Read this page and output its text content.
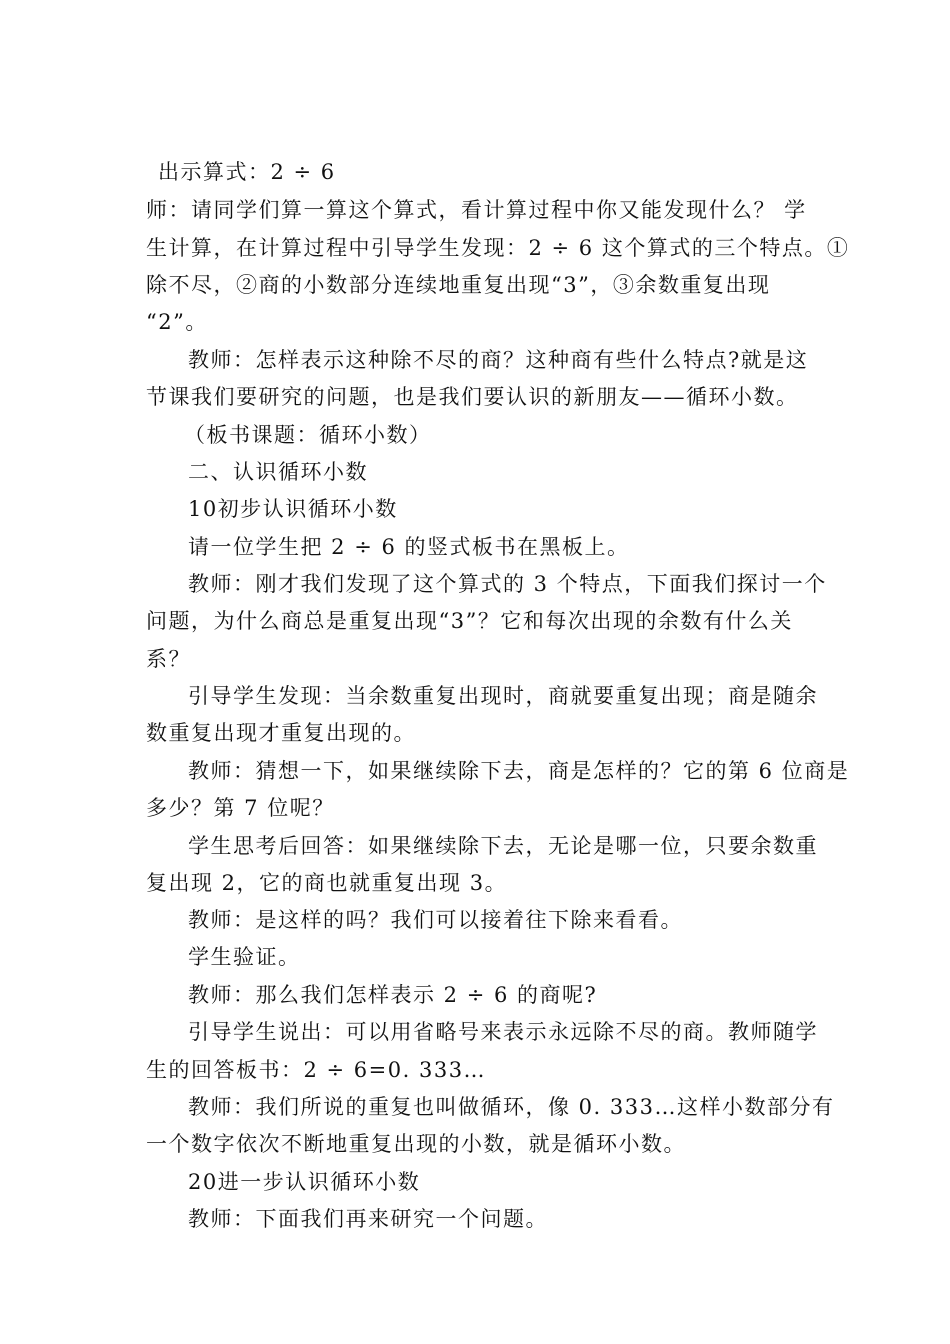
出示算式：2 ÷ 6
师：请同学们算一算这个算式，看计算过程中你又能发现什么？ 学
生计算，在计算过程中引导学生发现：2 ÷ 6 这个算式的三个特点。①
除不尽，②商的小数部分连续地重复出现“3”，③余数重复出现
“2”。
教师：怎样表示这种除不尽的商？这种商有些什么特点?就是这
节课我们要研究的问题，也是我们要认识的新朋友——循环小数。
（板书课题：循环小数）
二、认识循环小数
10初步认识循环小数
请一位学生把 2 ÷ 6 的竖式板书在黑板上。
教师：刚才我们发现了这个算式的 3 个特点，下面我们探讨一个
问题，为什么商总是重复出现“3”？它和每次出现的余数有什么关
系？
引导学生发现：当余数重复出现时，商就要重复出现；商是随余
数重复出现才重复出现的。
教师：猜想一下，如果继续除下去，商是怎样的？它的第 6 位商是
多少？第 7 位呢？
学生思考后回答：如果继续除下去，无论是哪一位，只要余数重
复出现 2，它的商也就重复出现 3。
教师：是这样的吗？我们可以接着往下除来看看。
学生验证。
教师：那么我们怎样表示 2 ÷ 6 的商呢?
引导学生说出：可以用省略号来表示永远除不尽的商。教师随学
生的回答板书：2 ÷ 6=0. 333…
教师：我们所说的重复也叫做循环，像 0. 333…这样小数部分有
一个数字依次不断地重复出现的小数，就是循环小数。
20进一步认识循环小数
教师：下面我们再来研究一个问题。
